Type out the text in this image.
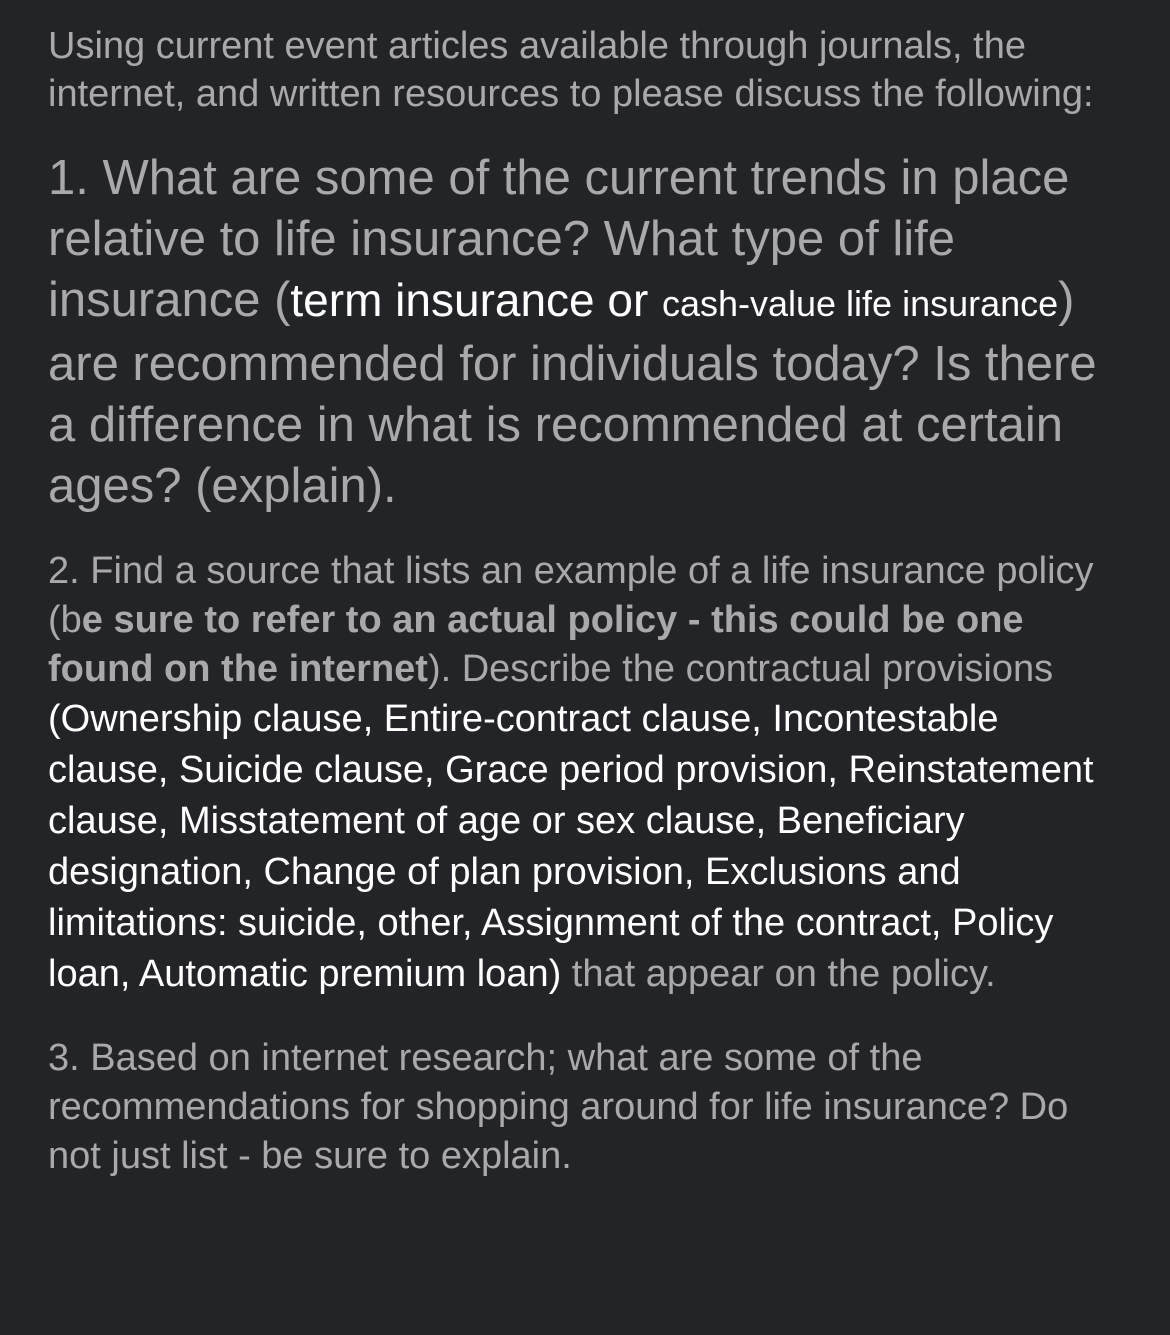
Using current event articles available through journals, the internet, and written resources to please discuss the following:

1. What are some of the current trends in place relative to life insurance? What type of life insurance (term insurance or cash-value life insurance) are recommended for individuals today? Is there a difference in what is recommended at certain ages? (explain).

2. Find a source that lists an example of a life insurance policy (be sure to refer to an actual policy - this could be one found on the internet). Describe the contractual provisions (Ownership clause, Entire-contract clause, Incontestable clause, Suicide clause, Grace period provision, Reinstatement clause, Misstatement of age or sex clause, Beneficiary designation, Change of plan provision, Exclusions and limitations: suicide, other, Assignment of the contract, Policy loan, Automatic premium loan) that appear on the policy.

3. Based on internet research; what are some of the recommendations for shopping around for life insurance? Do not just list - be sure to explain.
